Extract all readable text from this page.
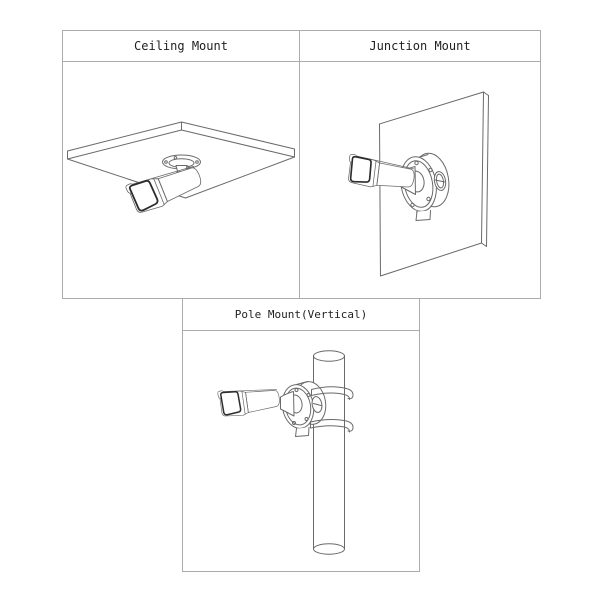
Ceiling Mount	Junction Mount
Pole Mount(Vertical)
